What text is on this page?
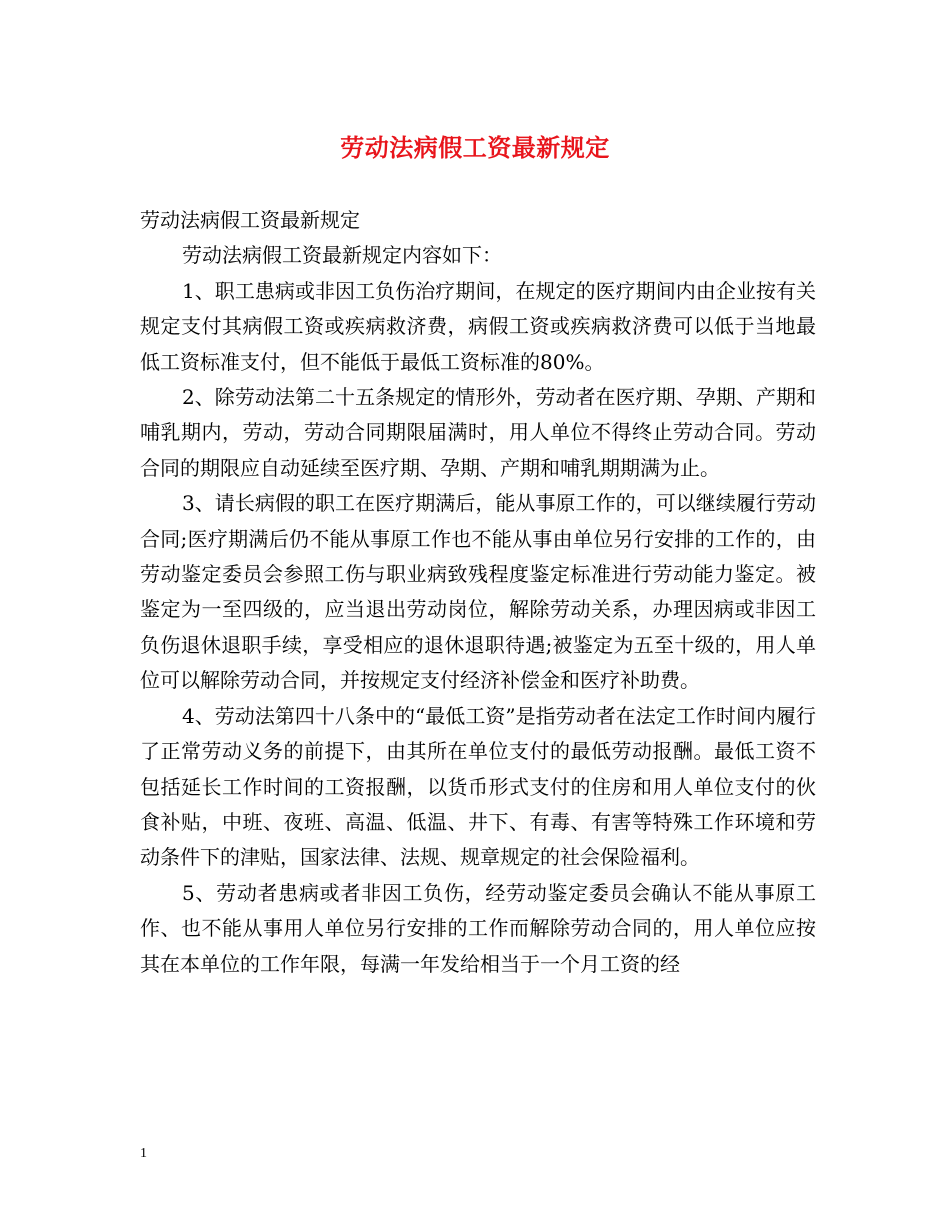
劳动法病假工资最新规定

劳动法病假工资最新规定

劳动法病假工资最新规定内容如下：

1、职工患病或非因工负伤治疗期间，在规定的医疗期间内由企业按有关规定支付其病假工资或疾病救济费，病假工资或疾病救济费可以低于当地最低工资标准支付，但不能低于最低工资标准的80%。

2、除劳动法第二十五条规定的情形外，劳动者在医疗期、孕期、产期和哺乳期内，劳动，劳动合同期限届满时，用人单位不得终止劳动合同。劳动合同的期限应自动延续至医疗期、孕期、产期和哺乳期期满为止。

3、请长病假的职工在医疗期满后，能从事原工作的，可以继续履行劳动合同;医疗期满后仍不能从事原工作也不能从事由单位另行安排的工作的，由劳动鉴定委员会参照工伤与职业病致残程度鉴定标准进行劳动能力鉴定。被鉴定为一至四级的，应当退出劳动岗位，解除劳动关系，办理因病或非因工负伤退休退职手续，享受相应的退休退职待遇;被鉴定为五至十级的，用人单位可以解除劳动合同，并按规定支付经济补偿金和医疗补助费。

4、劳动法第四十八条中的“最低工资”是指劳动者在法定工作时间内履行了正常劳动义务的前提下，由其所在单位支付的最低劳动报酬。最低工资不包括延长工作时间的工资报酬，以货币形式支付的住房和用人单位支付的伙食补贴，中班、夜班、高温、低温、井下、有毒、有害等特殊工作环境和劳动条件下的津贴，国家法律、法规、规章规定的社会保险福利。

5、劳动者患病或者非因工负伤，经劳动鉴定委员会确认不能从事原工作、也不能从事用人单位另行安排的工作而解除劳动合同的，用人单位应按其在本单位的工作年限，每满一年发给相当于一个月工资的经

1
